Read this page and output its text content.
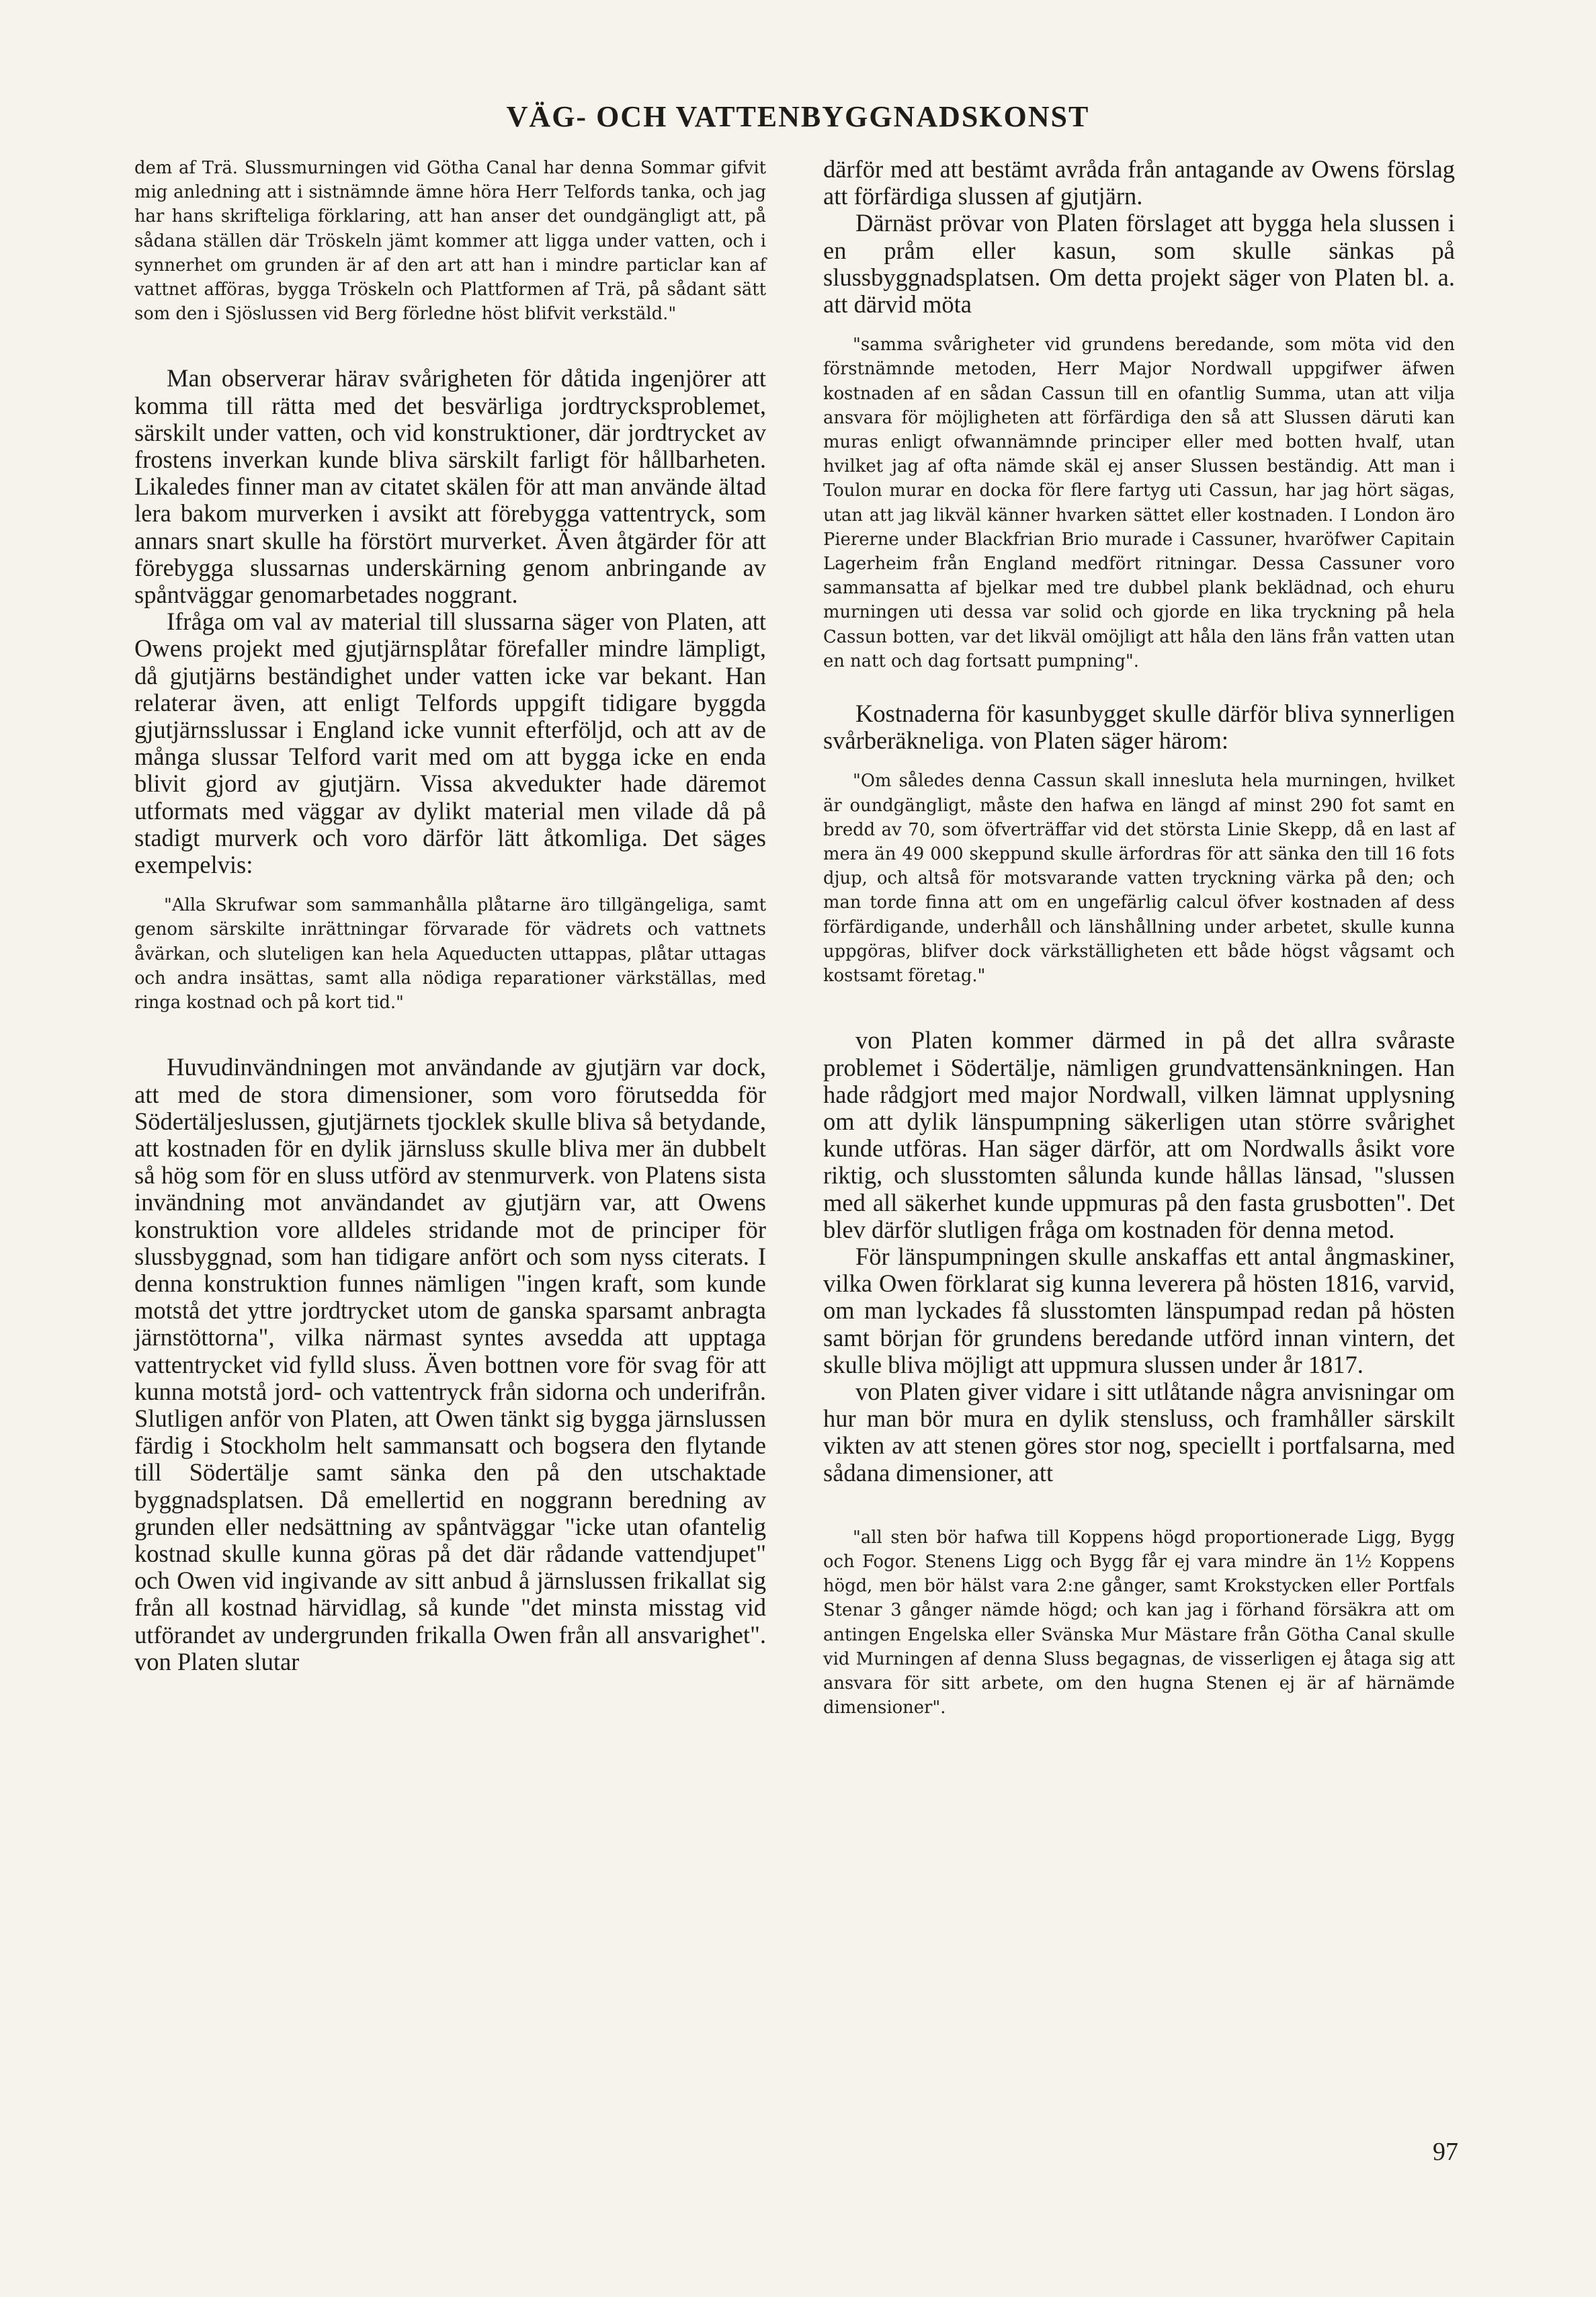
VÄG- OCH VATTENBYGGNADSKONST

dem af Trä. Slussmurningen vid Götha Canal har denna Sommar gifvit mig anledning att i sistnämnde ämne höra Herr Telfords tanka, och jag har hans skrifteliga förklaring, att han anser det oundgängligt att, på sådana ställen där Tröskeln jämt kommer att ligga under vatten, och i synnerhet om grunden är af den art att han i mindre particlar kan af vattnet afföras, bygga Tröskeln och Plattformen af Trä, på sådant sätt som den i Sjöslussen vid Berg förledne höst blifvit verkstäld."

Man observerar härav svårigheten för dåtida ingenjörer att komma till rätta med det besvärliga jordtrycksproblemet, särskilt under vatten, och vid konstruktioner, där jordtrycket av frostens inverkan kunde bliva särskilt farligt för hållbarheten. Likaledes finner man av citatet skälen för att man använde ältad lera bakom murverken i avsikt att förebygga vattentryck, som annars snart skulle ha förstört murverket. Även åtgärder för att förebygga slussarnas underskärning genom anbringande av spåntväggar genomarbetades noggrant.

Ifråga om val av material till slussarna säger von Platen, att Owens projekt med gjutjärnsplåtar förefaller mindre lämpligt, då gjutjärns beständighet under vatten icke var bekant. Han relaterar även, att enligt Telfords uppgift tidigare byggda gjutjärnsslussar i England icke vunnit efterföljd, och att av de många slussar Telford varit med om att bygga icke en enda blivit gjord av gjutjärn. Vissa akvedukter hade däremot utformats med väggar av dylikt material men vilade då på stadigt murverk och voro därför lätt åtkomliga. Det säges exempelvis:

"Alla Skrufwar som sammanhålla plåtarne äro tillgängeliga, samt genom särskilte inrättningar förvarade för vädrets och vattnets åvärkan, och sluteligen kan hela Aqueducten uttappas, plåtar uttagas och andra insättas, samt alla nödiga reparationer värkställas, med ringa kostnad och på kort tid."

Huvudinvändningen mot användande av gjutjärn var dock, att med de stora dimensioner, som voro förutsedda för Södertäljeslussen, gjutjärnets tjocklek skulle bliva så betydande, att kostnaden för en dylik järnsluss skulle bliva mer än dubbelt så hög som för en sluss utförd av stenmurverk. von Platens sista invändning mot användandet av gjutjärn var, att Owens konstruktion vore alldeles stridande mot de principer för slussbyggnad, som han tidigare anfört och som nyss citerats. I denna konstruktion funnes nämligen "ingen kraft, som kunde motstå det yttre jordtrycket utom de ganska sparsamt anbragta järnstöttorna", vilka närmast syntes avsedda att upptaga vattentrycket vid fylld sluss. Även bottnen vore för svag för att kunna motstå jord- och vattentryck från sidorna och underifrån. Slutligen anför von Platen, att Owen tänkt sig bygga järnslussen färdig i Stockholm helt sammansatt och bogsera den flytande till Södertälje samt sänka den på den utschaktade byggnadsplatsen. Då emellertid en noggrann beredning av grunden eller nedsättning av spåntväggar "icke utan ofantelig kostnad skulle kunna göras på det där rådande vattendjupet" och Owen vid ingivande av sitt anbud å järnslussen frikallat sig från all kostnad härvidlag, så kunde "det minsta misstag vid utförandet av undergrunden frikalla Owen från all ansvarighet". von Platen slutar

därför med att bestämt avråda från antagande av Owens förslag att förfärdiga slussen af gjutjärn.

Därnäst prövar von Platen förslaget att bygga hela slussen i en pråm eller kasun, som skulle sänkas på slussbyggnadsplatsen. Om detta projekt säger von Platen bl. a. att därvid möta

"samma svårigheter vid grundens beredande, som möta vid den förstnämnde metoden, Herr Major Nordwall uppgifwer äfwen kostnaden af en sådan Cassun till en ofantlig Summa, utan att vilja ansvara för möjligheten att förfärdiga den så att Slussen däruti kan muras enligt ofwannämnde principer eller med botten hvalf, utan hvilket jag af ofta nämde skäl ej anser Slussen beständig. Att man i Toulon murar en docka för flere fartyg uti Cassun, har jag hört sägas, utan att jag likväl känner hvarken sättet eller kostnaden. I London äro Piererne under Blackfrian Brio murade i Cassuner, hvaröfwer Capitain Lagerheim från England medfört ritningar. Dessa Cassuner voro sammansatta af bjelkar med tre dubbel plank beklädnad, och ehuru murningen uti dessa var solid och gjorde en lika tryckning på hela Cassun botten, var det likväl omöjligt att håla den läns från vatten utan en natt och dag fortsatt pumpning".

Kostnaderna för kasunbygget skulle därför bliva synnerligen svårberäkneliga. von Platen säger härom:

"Om således denna Cassun skall innesluta hela murningen, hvilket är oundgängligt, måste den hafwa en längd af minst 290 fot samt en bredd av 70, som öfverträffar vid det största Linie Skepp, då en last af mera än 49 000 skeppund skulle ärfordras för att sänka den till 16 fots djup, och altså för motsvarande vatten tryckning värka på den; och man torde finna att om en ungefärlig calcul öfver kostnaden af dess förfärdigande, underhåll och länshållning under arbetet, skulle kunna uppgöras, blifver dock värkställigheten ett både högst vågsamt och kostsamt företag."

von Platen kommer därmed in på det allra svåraste problemet i Södertälje, nämligen grundvattensänkningen. Han hade rådgjort med major Nordwall, vilken lämnat upplysning om att dylik länspumpning säkerligen utan större svårighet kunde utföras. Han säger därför, att om Nordwalls åsikt vore riktig, och slusstomten sålunda kunde hållas länsad, "slussen med all säkerhet kunde uppmuras på den fasta grusbotten". Det blev därför slutligen fråga om kostnaden för denna metod.

För länspumpningen skulle anskaffas ett antal ångmaskiner, vilka Owen förklarat sig kunna leverera på hösten 1816, varvid, om man lyckades få slusstomten länspumpad redan på hösten samt början för grundens beredande utförd innan vintern, det skulle bliva möjligt att uppmura slussen under år 1817.

von Platen giver vidare i sitt utlåtande några anvisningar om hur man bör mura en dylik stensluss, och framhåller särskilt vikten av att stenen göres stor nog, speciellt i portfalsarna, med sådana dimensioner, att

"all sten bör hafwa till Koppens högd proportionerade Ligg, Bygg och Fogor. Stenens Ligg och Bygg får ej vara mindre än 1½ Koppens högd, men bör hälst vara 2:ne gånger, samt Krokstycken eller Portfals Stenar 3 gånger nämde högd; och kan jag i förhand försäkra att om antingen Engelska eller Svänska Mur Mästare från Götha Canal skulle vid Murningen af denna Sluss begagnas, de visserligen ej åtaga sig att ansvara för sitt arbete, om den hugna Stenen ej är af härnämde dimensioner".

97
